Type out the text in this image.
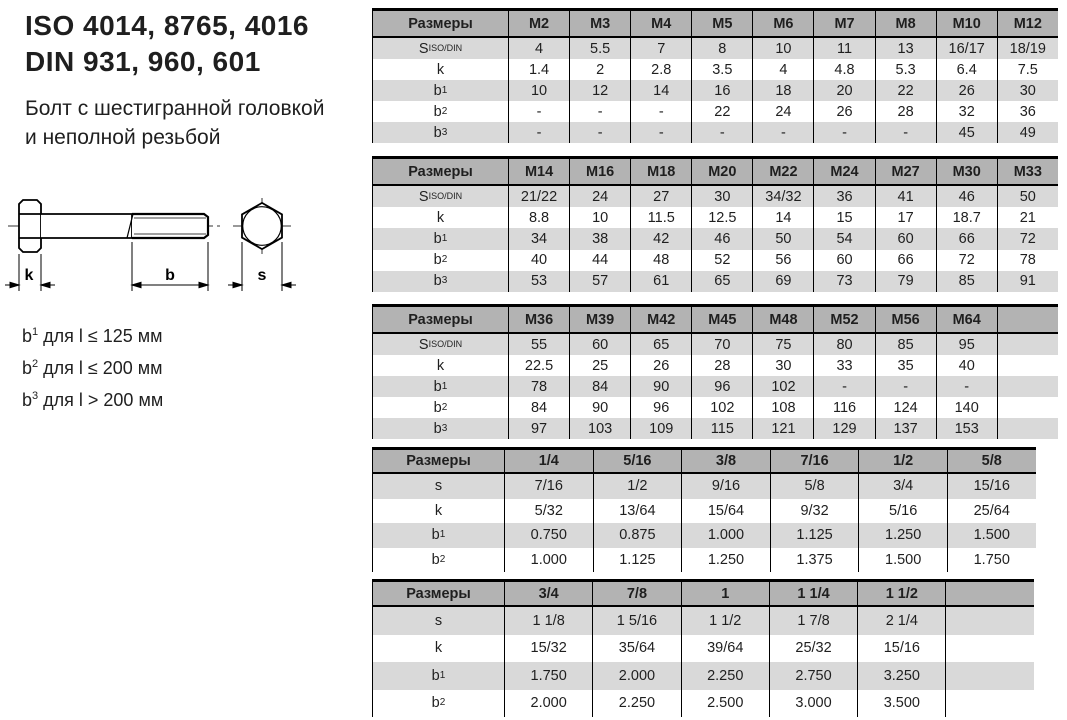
ISO 4014, 8765, 4016
DIN 931, 960, 601
Болт с шестигранной головкой
и неполной резьбой
k	b	s
$b^1$ для l ≤ 125 мм
$b^2$ для l ≤ 200 мм
$b^3$ для l > 200 мм
Размеры	M2	M3	M4	M5	M6	M7	M8	M10	M12
S ISO/DIN	4	5.5	7	8	10	11	13	16/17	18/19
k	1.4	2	2.8	3.5	4	4.8	5.3	6.4	7.5
b 1	10	12	14	16	18	20	22	26	30
b 2	-	-	-	22	24	26	28	32	36
b 3	-	-	-	-	-	-	-	45	49
Размеры	M14	M16	M18	M20	M22	M24	M27	M30	M33
S ISO/DIN	21/22	24	27	30	34/32	36	41	46	50
k	8.8	10	11.5	12.5	14	15	17	18.7	21
b 1	34	38	42	46	50	54	60	66	72
b 2	40	44	48	52	56	60	66	72	78
b 3	53	57	61	65	69	73	79	85	91
Размеры	M36	M39	M42	M45	M48	M52	M56	M64
S ISO/DIN	55	60	65	70	75	80	85	95
k	22.5	25	26	28	30	33	35	40
b 1	78	84	90	96	102	-	-	-
b 2	84	90	96	102	108	116	124	140
b 3	97	103	109	115	121	129	137	153
Размеры	1/4	5/16	3/8	7/16	1/2	5/8
s	7/16	1/2	9/16	5/8	3/4	15/16
k	5/32	13/64	15/64	9/32	5/16	25/64
b 1	0.750	0.875	1.000	1.125	1.250	1.500
b 2	1.000	1.125	1.250	1.375	1.500	1.750
Размеры	3/4	7/8	1	1 1/4	1 1/2
s	1 1/8	1 5/16	1 1/2	1 7/8	2 1/4
k	15/32	35/64	39/64	25/32	15/16
b 1	1.750	2.000	2.250	2.750	3.250
b 2	2.000	2.250	2.500	3.000	3.500
